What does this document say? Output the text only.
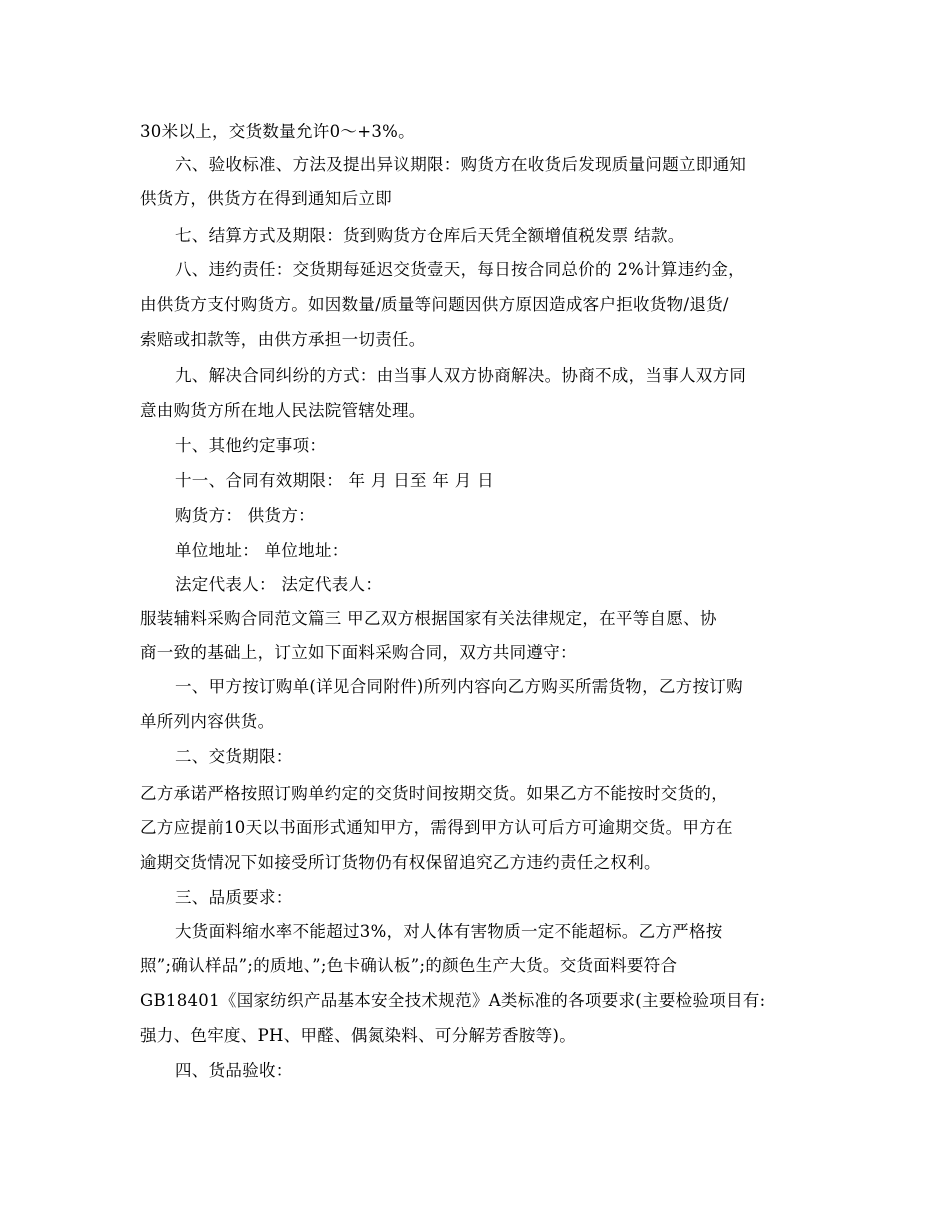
30米以上，交货数量允许0～+3%。
六、验收标准、方法及提出异议期限：购货方在收货后发现质量问题立即通知
供货方，供货方在得到通知后立即
七、结算方式及期限：货到购货方仓库后天凭全额增值税发票 结款。
八、违约责任：交货期每延迟交货壹天，每日按合同总价的 2%计算违约金，
由供货方支付购货方。如因数量/质量等问题因供方原因造成客户拒收货物/退货/
索赔或扣款等，由供方承担一切责任。
九、解决合同纠纷的方式：由当事人双方协商解决。协商不成，当事人双方同
意由购货方所在地人民法院管辖处理。
十、其他约定事项：
十一、合同有效期限： 年 月 日至 年 月 日
购货方： 供货方：
单位地址： 单位地址：
法定代表人： 法定代表人：
服装辅料采购合同范文篇三 甲乙双方根据国家有关法律规定，在平等自愿、协
商一致的基础上，订立如下面料采购合同，双方共同遵守：
一、甲方按订购单(详见合同附件)所列内容向乙方购买所需货物，乙方按订购
单所列内容供货。
二、交货期限：
乙方承诺严格按照订购单约定的交货时间按期交货。如果乙方不能按时交货的，
乙方应提前10天以书面形式通知甲方，需得到甲方认可后方可逾期交货。甲方在
逾期交货情况下如接受所订货物仍有权保留追究乙方违约责任之权利。
三、品质要求：
大货面料缩水率不能超过3%，对人体有害物质一定不能超标。乙方严格按
照”;确认样品”;的质地、”;色卡确认板”;的颜色生产大货。交货面料要符合
GB18401《国家纺织产品基本安全技术规范》A类标准的各项要求(主要检验项目有:
强力、色牢度、PH、甲醛、偶氮染料、可分解芳香胺等)。
四、货品验收：
